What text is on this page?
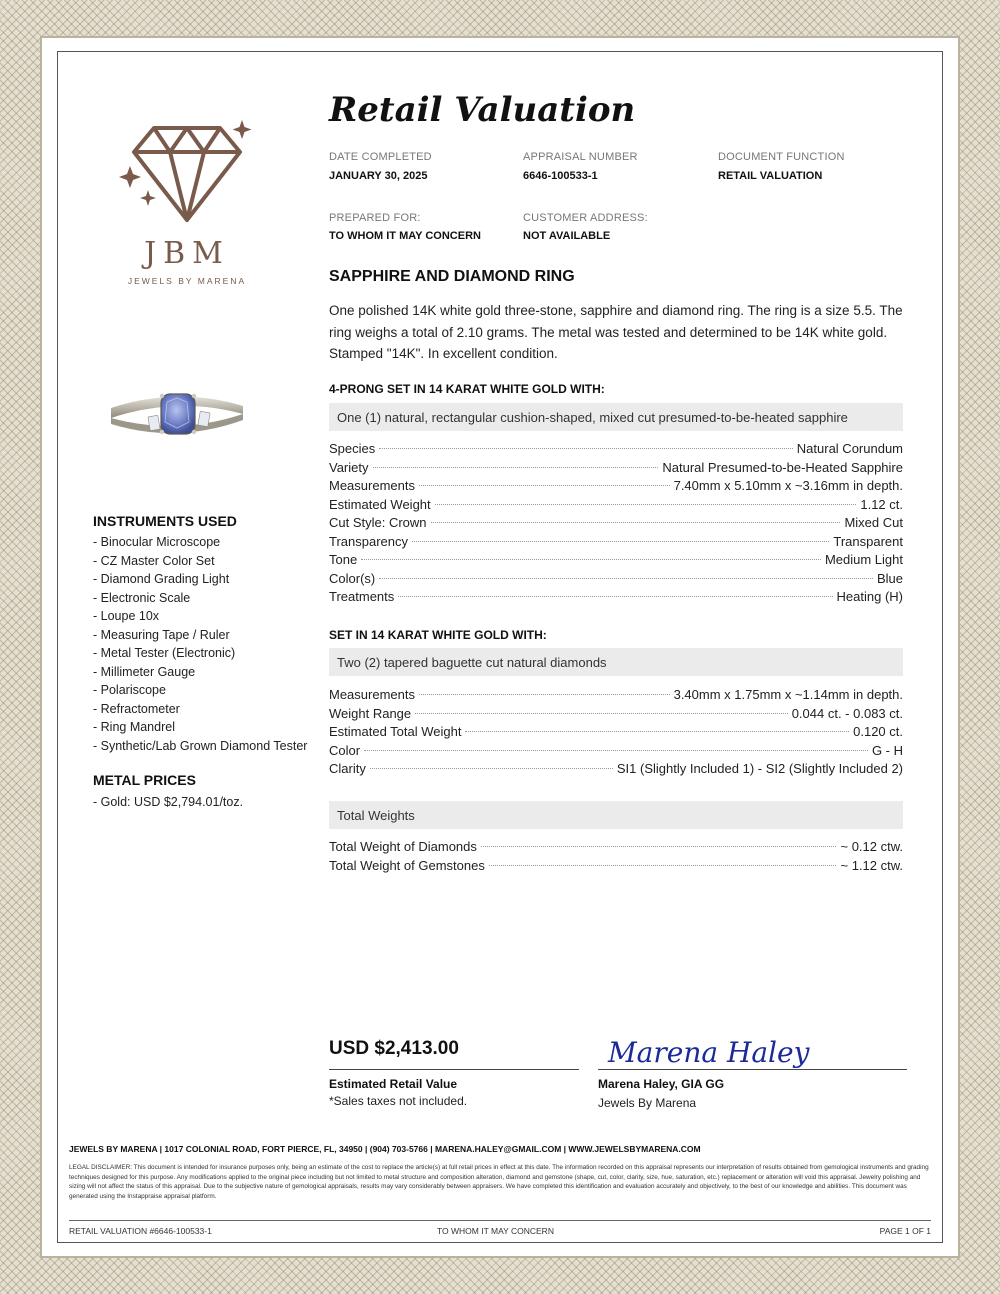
JBM
JEWELS BY MARENA
Retail Valuation
DATE COMPLETED
JANUARY 30, 2025
APPRAISAL NUMBER
6646-100533-1
DOCUMENT FUNCTION
RETAIL VALUATION
PREPARED FOR:
TO WHOM IT MAY CONCERN
CUSTOMER ADDRESS:
NOT AVAILABLE
INSTRUMENTS USED
- Binocular Microscope
- CZ Master Color Set
- Diamond Grading Light
- Electronic Scale
- Loupe 10x
- Measuring Tape / Ruler
- Metal Tester (Electronic)
- Millimeter Gauge
- Polariscope
- Refractometer
- Ring Mandrel
- Synthetic/Lab Grown Diamond Tester
METAL PRICES
- Gold: USD $2,794.01/toz.
SAPPHIRE AND DIAMOND RING
One polished 14K white gold three-stone, sapphire and diamond ring. The ring is a size 5.5. The ring weighs a total of 2.10 grams. The metal was tested and determined to be 14K white gold. Stamped "14K". In excellent condition.
4-PRONG SET IN 14 KARAT WHITE GOLD WITH:
One (1) natural, rectangular cushion-shaped, mixed cut presumed-to-be-heated sapphire
Species	Natural Corundum
Variety	Natural Presumed-to-be-Heated Sapphire
Measurements	7.40mm x 5.10mm x ~3.16mm in depth.
Estimated Weight	1.12 ct.
Cut Style: Crown	Mixed Cut
Transparency	Transparent
Tone	Medium Light
Color(s)	Blue
Treatments	Heating (H)
SET IN 14 KARAT WHITE GOLD WITH:
Two (2) tapered baguette cut natural diamonds
Measurements	3.40mm x 1.75mm x ~1.14mm in depth.
Weight Range	0.044 ct. - 0.083 ct.
Estimated Total Weight	0.120 ct.
Color	G - H
Clarity	SI1 (Slightly Included 1) - SI2 (Slightly Included 2)
Total Weights
Total Weight of Diamonds	~ 0.12 ctw.
Total Weight of Gemstones	~ 1.12 ctw.
USD $2,413.00
Estimated Retail Value
*Sales taxes not included.
Marena Haley
Marena Haley, GIA GG
Jewels By Marena
JEWELS BY MARENA | 1017 COLONIAL ROAD, FORT PIERCE, FL, 34950 | (904) 703-5766 | MARENA.HALEY@GMAIL.COM | WWW.JEWELSBYMARENA.COM
LEGAL DISCLAIMER: This document is intended for insurance purposes only, being an estimate of the cost to replace the article(s) at full retail prices in effect at this date. The information recorded on this appraisal represents our interpretation of results obtained from gemological instruments and grading techniques designed for this purpose. Any modifications applied to the original piece including but not limited to metal structure and composition alteration, diamond and gemstone (shape, cut, color, clarity, size, hue, saturation, etc.) replacement or alteration will void this appraisal. Jewelry polishing and sizing will not affect the status of this appraisal. Due to the subjective nature of gemological appraisals, results may vary considerably between appraisers. We have completed this identification and evaluation accurately and objectively, to the best of our knowledge and abilities. This document was generated using the Instappraise appraisal platform.
RETAIL VALUATION #6646-100533-1	TO WHOM IT MAY CONCERN	PAGE 1 OF 1
